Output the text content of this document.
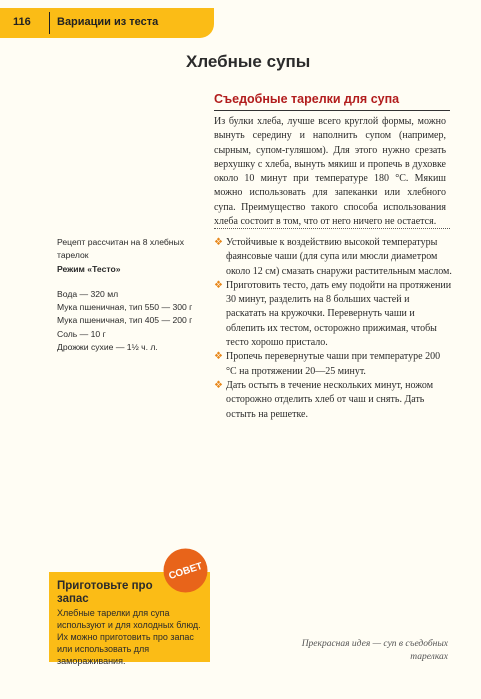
116 Вариации из теста
Хлебные супы
Съедобные тарелки для супа
Из булки хлеба, лучше всего круглой формы, можно вынуть середину и наполнить супом (например, сырным, супом-гуляшом). Для этого нужно срезать верхушку с хлеба, вынуть мякиш и пропечь в духовке около 10 минут при температуре 180 °С. Мякиш можно использовать для запеканки или хлебного супа. Преимущество такого способа использования хлеба состоит в том, что от него ничего не остается.
Рецепт рассчитан на 8 хлебных тарелок
Режим «Тесто»
Вода — 320 мл
Мука пшеничная, тип 550 — 300 г
Мука пшеничная, тип 405 — 200 г
Соль — 10 г
Дрожжи сухие — 1½ ч. л.
❖ Устойчивые к воздействию высокой температуры фаянсовые чаши (для супа или мюсли диаметром около 12 см) смазать снаружи растительным маслом.
❖ Приготовить тесто, дать ему подойти на протяжении 30 минут, разделить на 8 больших частей и раскатать на кружочки. Перевернуть чаши и облепить их тестом, осторожно прижимая, чтобы тесто хорошо пристало.
❖ Пропечь перевернутые чаши при температуре 200 °С на протяжении 20—25 минут.
❖ Дать остыть в течение нескольких минут, ножом осторожно отделить хлеб от чаш и снять. Дать остыть на решетке.
Приготовьте про запас
Хлебные тарелки для супа используют и для холодных блюд. Их можно приготовить про запас или использовать для замораживания.
СОВЕТ
Прекрасная идея — суп в съедобных тарелках
